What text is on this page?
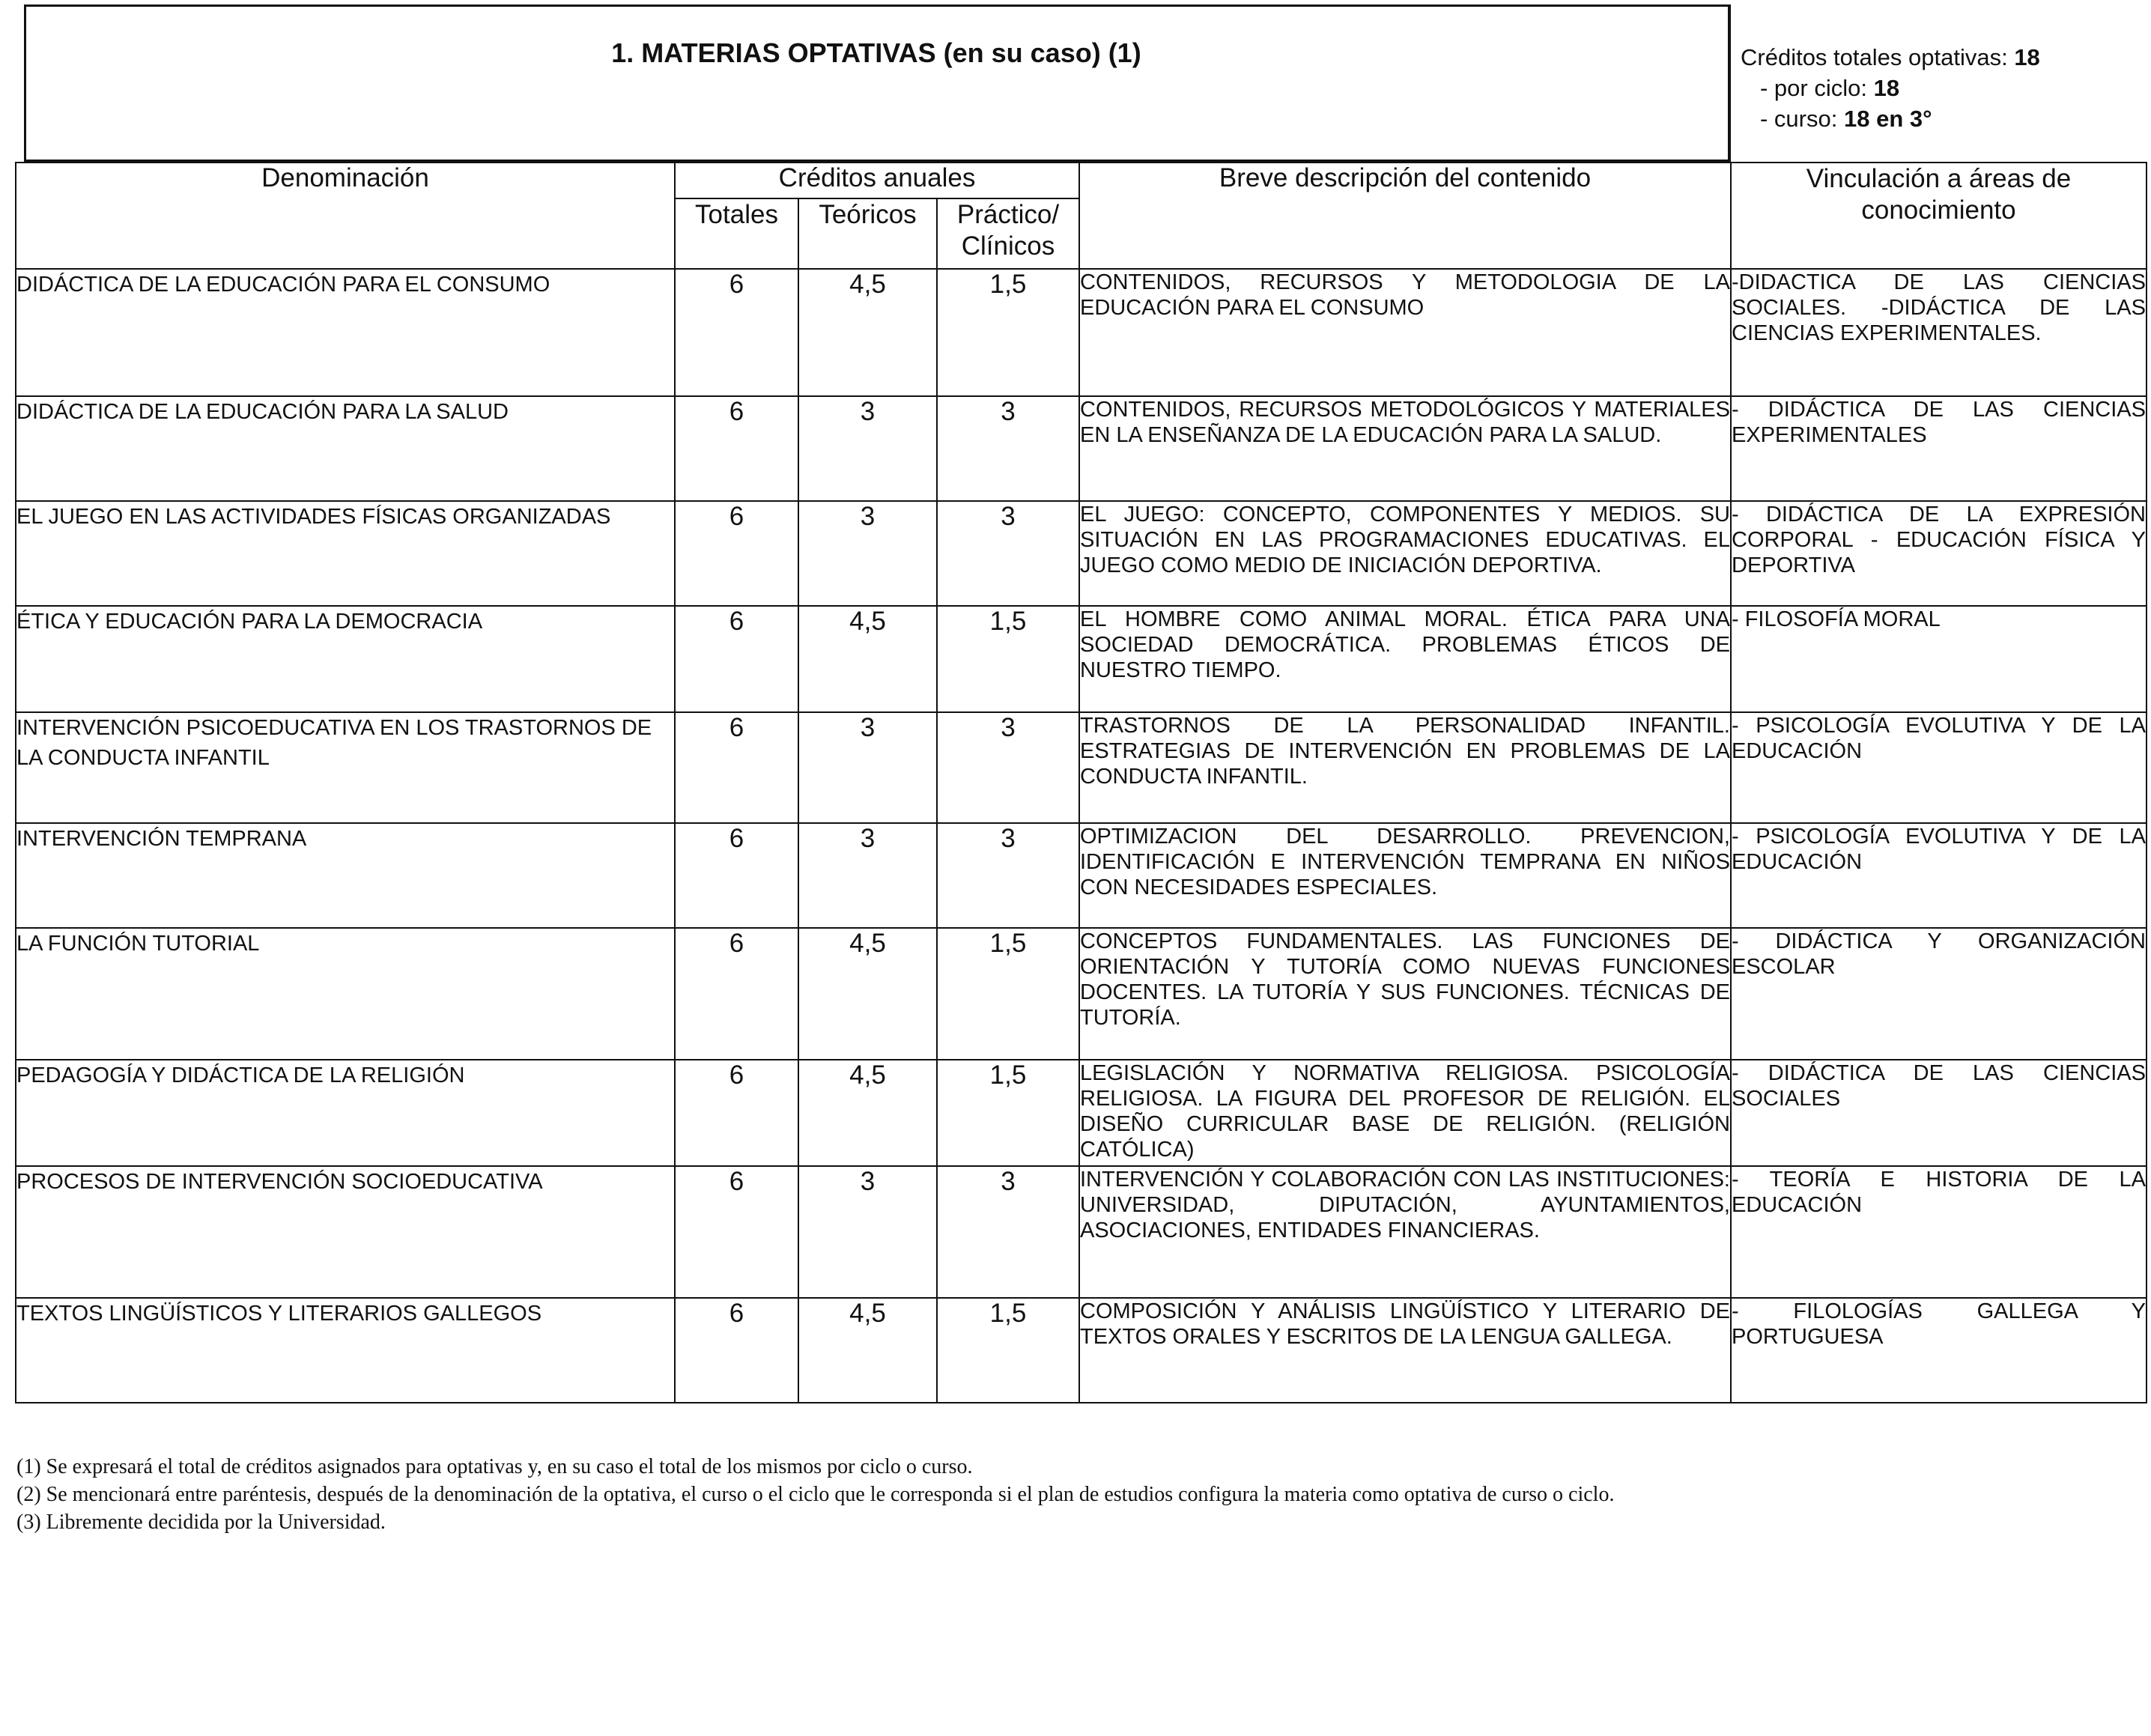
1. MATERIAS OPTATIVAS (en su caso) (1)	Créditos totales optativas: 18
- por ciclo: 18
- curso: 18 en 3°
Denominación	Créditos anuales			Breve descripción del contenido	Vinculación a áreas de conocimiento
	Totales	Teóricos	Práctico/ Clínicos		
DIDÁCTICA DE LA EDUCACIÓN PARA EL CONSUMO	6	4,5	1,5	CONTENIDOS, RECURSOS Y METODOLOGIA DE LA EDUCACIÓN PARA EL CONSUMO	-DIDACTICA DE LAS CIENCIAS SOCIALES. -DIDÁCTICA DE LAS CIENCIAS EXPERIMENTALES.
DIDÁCTICA DE LA EDUCACIÓN PARA LA SALUD	6	3	3	CONTENIDOS, RECURSOS METODOLÓGICOS Y MATERIALES EN LA ENSEÑANZA DE LA EDUCACIÓN PARA LA SALUD.	- DIDÁCTICA DE LAS CIENCIAS EXPERIMENTALES
EL JUEGO EN LAS ACTIVIDADES FÍSICAS ORGANIZADAS	6	3	3	EL JUEGO: CONCEPTO, COMPONENTES Y MEDIOS. SU SITUACIÓN EN LAS PROGRAMACIONES EDUCATIVAS. EL JUEGO COMO MEDIO DE INICIACIÓN DEPORTIVA.	- DIDÁCTICA DE LA EXPRESIÓN CORPORAL - EDUCACIÓN FÍSICA Y DEPORTIVA
ÉTICA Y EDUCACIÓN PARA LA DEMOCRACIA	6	4,5	1,5	EL HOMBRE COMO ANIMAL MORAL. ÉTICA PARA UNA SOCIEDAD DEMOCRÁTICA. PROBLEMAS ÉTICOS DE NUESTRO TIEMPO.	- FILOSOFÍA MORAL
INTERVENCIÓN PSICOEDUCATIVA EN LOS TRASTORNOS DE LA CONDUCTA INFANTIL	6	3	3	TRASTORNOS DE LA PERSONALIDAD INFANTIL. ESTRATEGIAS DE INTERVENCIÓN EN PROBLEMAS DE LA CONDUCTA INFANTIL.	- PSICOLOGÍA EVOLUTIVA Y DE LA EDUCACIÓN
INTERVENCIÓN TEMPRANA	6	3	3	OPTIMIZACION DEL DESARROLLO. PREVENCION, IDENTIFICACIÓN E INTERVENCIÓN TEMPRANA EN NIÑOS CON NECESIDADES ESPECIALES.	- PSICOLOGÍA EVOLUTIVA Y DE LA EDUCACIÓN
LA FUNCIÓN TUTORIAL	6	4,5	1,5	CONCEPTOS FUNDAMENTALES. LAS FUNCIONES DE ORIENTACIÓN Y TUTORÍA COMO NUEVAS FUNCIONES DOCENTES. LA TUTORÍA Y SUS FUNCIONES. TÉCNICAS DE TUTORÍA.	- DIDÁCTICA Y ORGANIZACIÓN ESCOLAR
PEDAGOGÍA Y DIDÁCTICA DE LA RELIGIÓN	6	4,5	1,5	LEGISLACIÓN Y NORMATIVA RELIGIOSA. PSICOLOGÍA RELIGIOSA. LA FIGURA DEL PROFESOR DE RELIGIÓN. EL DISEÑO CURRICULAR BASE DE RELIGIÓN. (RELIGIÓN CATÓLICA)	- DIDÁCTICA DE LAS CIENCIAS SOCIALES
PROCESOS DE INTERVENCIÓN SOCIOEDUCATIVA	6	3	3	INTERVENCIÓN Y COLABORACIÓN CON LAS INSTITUCIONES: UNIVERSIDAD, DIPUTACIÓN, AYUNTAMIENTOS, ASOCIACIONES, ENTIDADES FINANCIERAS.	- TEORÍA E HISTORIA DE LA EDUCACIÓN
TEXTOS LINGÜÍSTICOS Y LITERARIOS GALLEGOS	6	4,5	1,5	COMPOSICIÓN Y ANÁLISIS LINGÜÍSTICO Y LITERARIO DE TEXTOS ORALES Y ESCRITOS DE LA LENGUA GALLEGA.	- FILOLOGÍAS GALLEGA Y PORTUGUESA
(1) Se expresará el total de créditos asignados para optativas y, en su caso el total de los mismos por ciclo o curso.
(2) Se mencionará entre paréntesis, después de la denominación de la optativa, el curso o el ciclo que le corresponda si el plan de estudios configura la materia como optativa de curso o ciclo.
(3) Libremente decidida por la Universidad.
